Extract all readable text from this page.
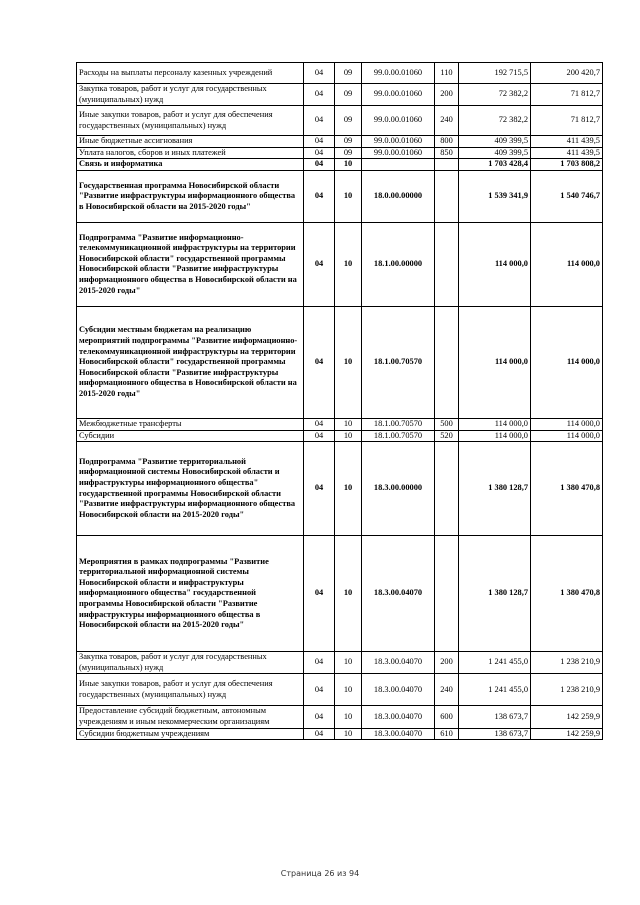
Расходы на выплаты персоналу казенных учреждений	04	09	99.0.00.01060	110	192 715,5	200 420,7
Закупка товаров, работ и услуг для государственных (муниципальных) нужд	04	09	99.0.00.01060	200	72 382,2	71 812,7
Иные закупки товаров, работ и услуг для обеспечения государственных (муниципальных) нужд	04	09	99.0.00.01060	240	72 382,2	71 812,7
Иные бюджетные ассигнования	04	09	99.0.00.01060	800	409 399,5	411 439,5
Уплата налогов, сборов и иных платежей	04	09	99.0.00.01060	850	409 399,5	411 439,5
Связь и информатика	04	10			1 703 428,4	1 703 808,2
Государственная программа Новосибирской области "Развитие инфраструктуры информационного общества в Новосибирской области на 2015-2020 годы"	04	10	18.0.00.00000		1 539 341,9	1 540 746,7
Подпрограмма "Развитие информационно-телекоммуникационной инфраструктуры на территории Новосибирской области" государственной программы Новосибирской области "Развитие инфраструктуры информационного общества в Новосибирской области на 2015-2020 годы"	04	10	18.1.00.00000		114 000,0	114 000,0
Субсидии местным бюджетам на реализацию мероприятий подпрограммы "Развитие информационно-телекоммуникационной инфраструктуры на территории Новосибирской области" государственной программы Новосибирской области "Развитие инфраструктуры информационного общества в Новосибирской области на 2015-2020 годы"	04	10	18.1.00.70570		114 000,0	114 000,0
Межбюджетные трансферты	04	10	18.1.00.70570	500	114 000,0	114 000,0
Субсидии	04	10	18.1.00.70570	520	114 000,0	114 000,0
Подпрограмма "Развитие территориальной информационной системы Новосибирской области и инфраструктуры информационного общества" государственной программы Новосибирской области "Развитие инфраструктуры информационного общества Новосибирской области на 2015-2020 годы"	04	10	18.3.00.00000		1 380 128,7	1 380 470,8
Мероприятия в рамках подпрограммы "Развитие территориальной информационной системы Новосибирской области и инфраструктуры информационного общества" государственной программы Новосибирской области "Развитие инфраструктуры информационного общества в Новосибирской области на 2015-2020 годы"	04	10	18.3.00.04070		1 380 128,7	1 380 470,8
Закупка товаров, работ и услуг для государственных (муниципальных) нужд	04	10	18.3.00.04070	200	1 241 455,0	1 238 210,9
Иные закупки товаров, работ и услуг для обеспечения государственных (муниципальных) нужд	04	10	18.3.00.04070	240	1 241 455,0	1 238 210,9
Предоставление субсидий бюджетным, автономным учреждениям и иным некоммерческим организациям	04	10	18.3.00.04070	600	138 673,7	142 259,9
Субсидии бюджетным учреждениям	04	10	18.3.00.04070	610	138 673,7	142 259,9
Страница 26 из 94
